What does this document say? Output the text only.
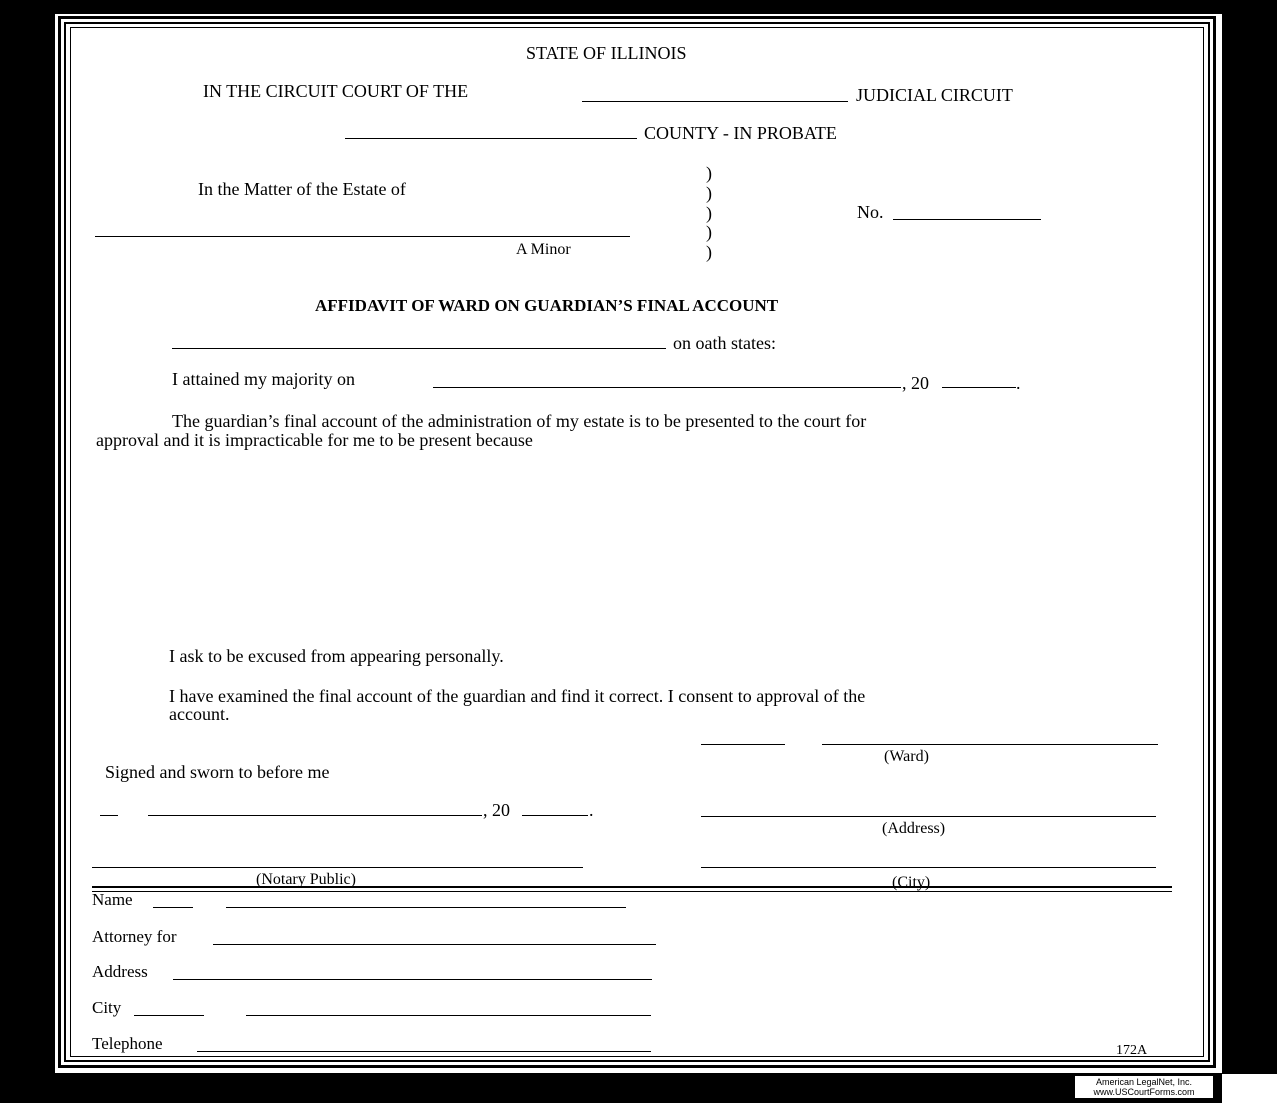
STATE OF ILLINOIS
IN THE CIRCUIT COURT OF THE	JUDICIAL CIRCUIT
COUNTY - IN PROBATE
In the Matter of the Estate of
A Minor
)
)
)
)
)
No.
AFFIDAVIT OF WARD ON GUARDIAN’S FINAL ACCOUNT
on oath states:
I attained my majority on	, 20	.
The guardian’s final account of the administration of my estate is to be presented to the court for
approval and it is impracticable for me to be present because
I ask to be excused from appearing personally.
I have examined the final account of the guardian and find it correct. I consent to approval of the
account.
(Ward)
Signed and sworn to before me
, 20	.
(Address)
(Notary Public)	(City)
Name
Attorney for
Address
City
Telephone	172A
American LegalNet, Inc.
www.USCourtForms.com
